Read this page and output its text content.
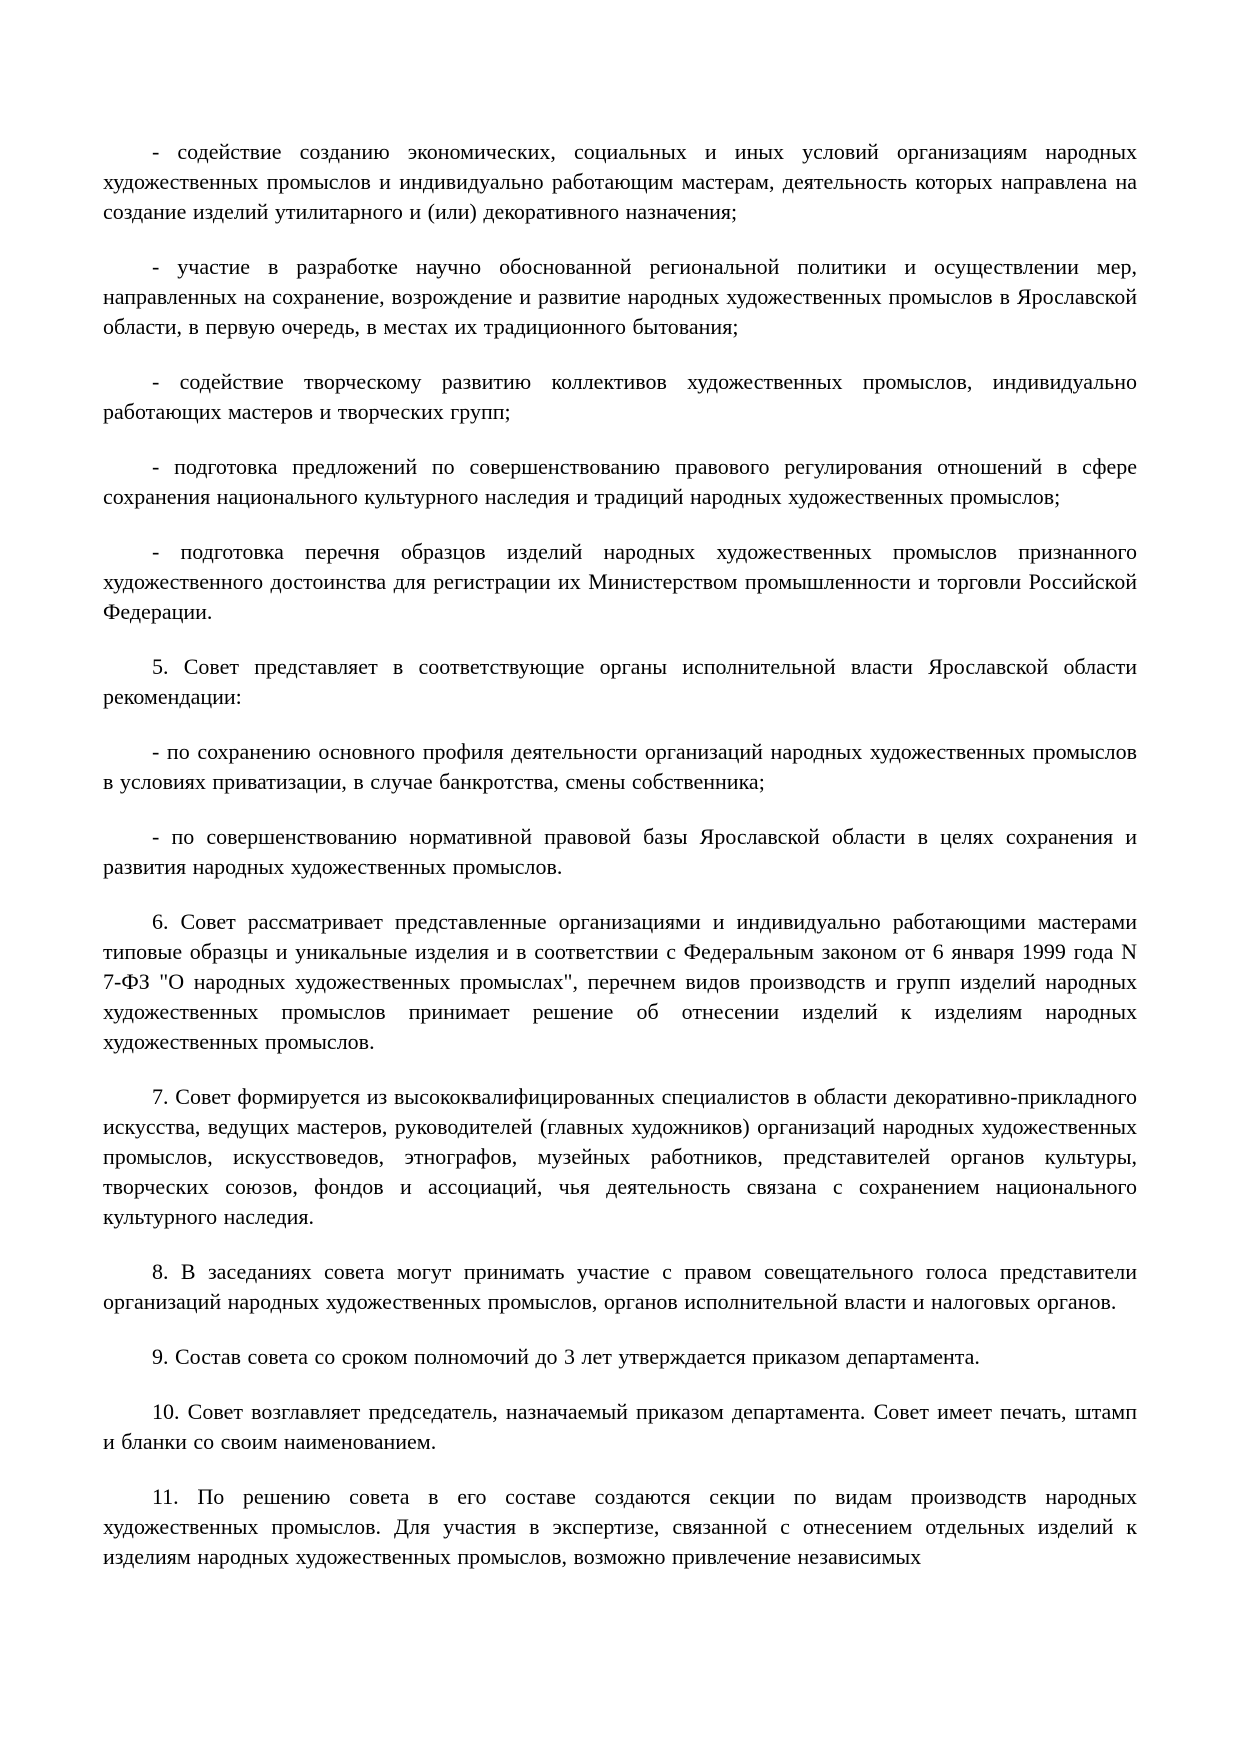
- содействие созданию экономических, социальных и иных условий организациям народных художественных промыслов и индивидуально работающим мастерам, деятельность которых направлена на создание изделий утилитарного и (или) декоративного назначения;

- участие в разработке научно обоснованной региональной политики и осуществлении мер, направленных на сохранение, возрождение и развитие народных художественных промыслов в Ярославской области, в первую очередь, в местах их традиционного бытования;

- содействие творческому развитию коллективов художественных промыслов, индивидуально работающих мастеров и творческих групп;

- подготовка предложений по совершенствованию правового регулирования отношений в сфере сохранения национального культурного наследия и традиций народных художественных промыслов;

- подготовка перечня образцов изделий народных художественных промыслов признанного художественного достоинства для регистрации их Министерством промышленности и торговли Российской Федерации.

5. Совет представляет в соответствующие органы исполнительной власти Ярославской области рекомендации:

- по сохранению основного профиля деятельности организаций народных художественных промыслов в условиях приватизации, в случае банкротства, смены собственника;

- по совершенствованию нормативной правовой базы Ярославской области в целях сохранения и развития народных художественных промыслов.

6. Совет рассматривает представленные организациями и индивидуально работающими мастерами типовые образцы и уникальные изделия и в соответствии с Федеральным законом от 6 января 1999 года N 7-ФЗ "О народных художественных промыслах", перечнем видов производств и групп изделий народных художественных промыслов принимает решение об отнесении изделий к изделиям народных художественных промыслов.

7. Совет формируется из высококвалифицированных специалистов в области декоративно-прикладного искусства, ведущих мастеров, руководителей (главных художников) организаций народных художественных промыслов, искусствоведов, этнографов, музейных работников, представителей органов культуры, творческих союзов, фондов и ассоциаций, чья деятельность связана с сохранением национального культурного наследия.

8. В заседаниях совета могут принимать участие с правом совещательного голоса представители организаций народных художественных промыслов, органов исполнительной власти и налоговых органов.

9. Состав совета со сроком полномочий до 3 лет утверждается приказом департамента.

10. Совет возглавляет председатель, назначаемый приказом департамента. Совет имеет печать, штамп и бланки со своим наименованием.

11. По решению совета в его составе создаются секции по видам производств народных художественных промыслов. Для участия в экспертизе, связанной с отнесением отдельных изделий к изделиям народных художественных промыслов, возможно привлечение независимых
